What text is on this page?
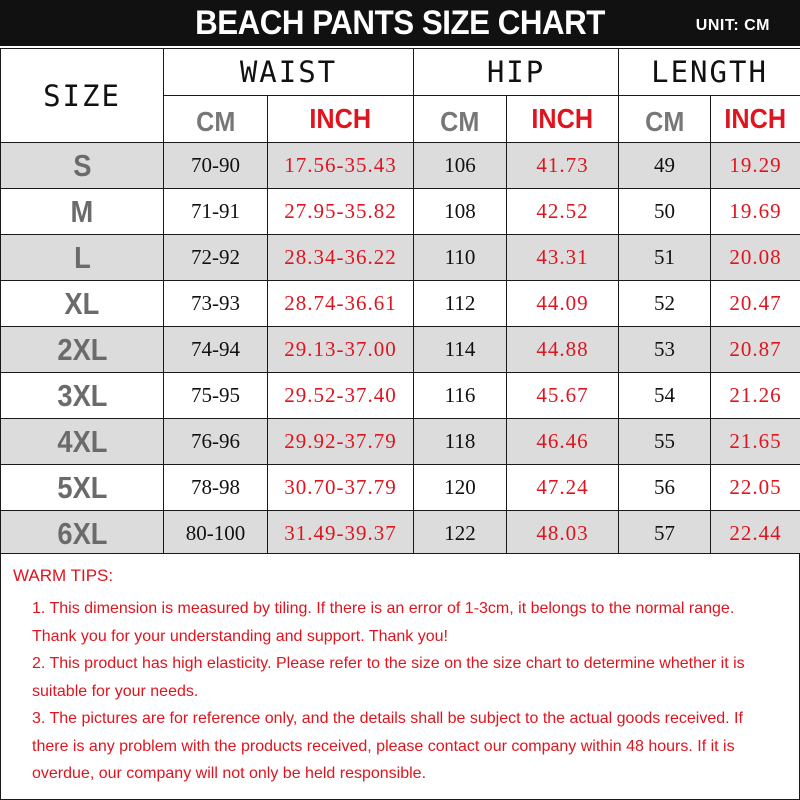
BEACH PANTS SIZE CHART	UNIT: CM
SIZE	WAIST		HIP		LENGTH	
	CM	INCH	CM	INCH	CM	INCH
S	70-90	17.56-35.43	106	41.73	49	19.29
M	71-91	27.95-35.82	108	42.52	50	19.69
L	72-92	28.34-36.22	110	43.31	51	20.08
XL	73-93	28.74-36.61	112	44.09	52	20.47
2XL	74-94	29.13-37.00	114	44.88	53	20.87
3XL	75-95	29.52-37.40	116	45.67	54	21.26
4XL	76-96	29.92-37.79	118	46.46	55	21.65
5XL	78-98	30.70-37.79	120	47.24	56	22.05
6XL	80-100	31.49-39.37	122	48.03	57	22.44
WARM TIPS:

1. This dimension is measured by tiling. If there is an error of 1-3cm, it belongs to the normal range. Thank you for your understanding and support. Thank you!

2. This product has high elasticity. Please refer to the size on the size chart to determine whether it is suitable for your needs.

3. The pictures are for reference only, and the details shall be subject to the actual goods received. If there is any problem with the products received, please contact our company within 48 hours. If it is overdue, our company will not only be held responsible.
